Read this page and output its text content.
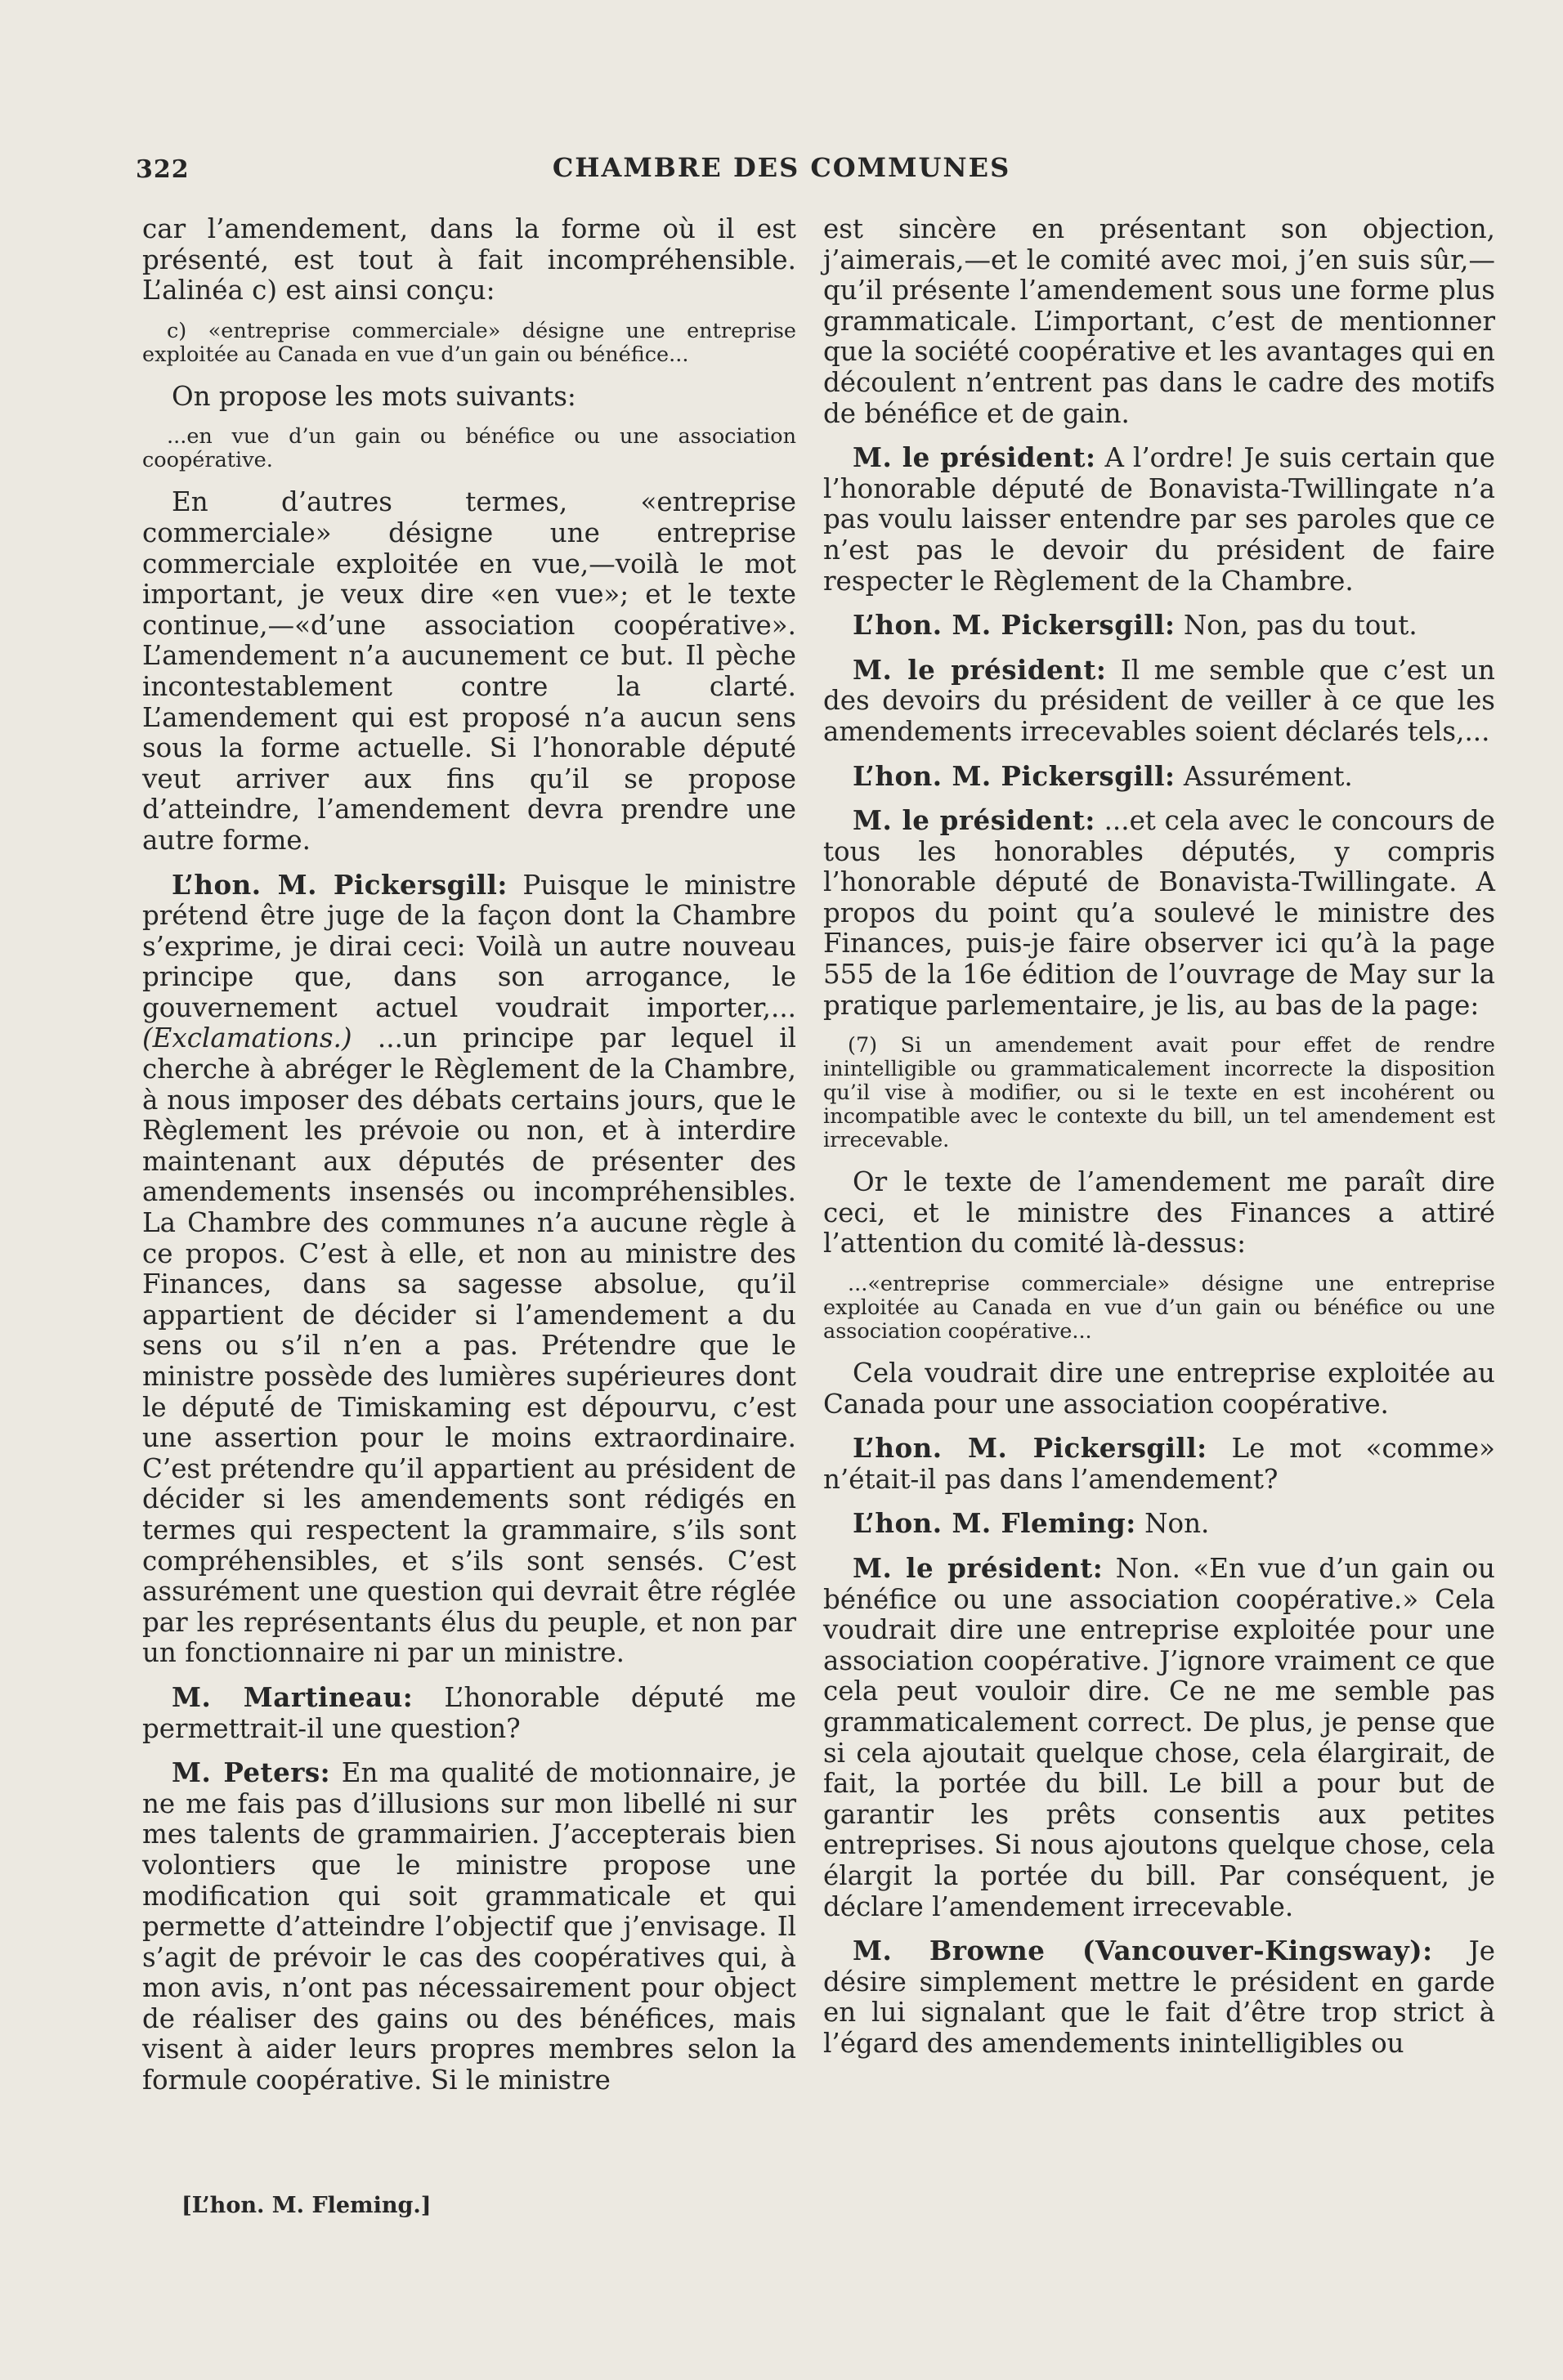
322	CHAMBRE DES COMMUNES

car l’amendement, dans la forme où il est présenté, est tout à fait incompréhensible. L’alinéa c) est ainsi conçu:

c) «entreprise commerciale» désigne une entreprise exploitée au Canada en vue d’un gain ou bénéfice...

On propose les mots suivants:

...en vue d’un gain ou bénéfice ou une association coopérative.

En d’autres termes, «entreprise commerciale» désigne une entreprise commerciale exploitée en vue,—voilà le mot important, je veux dire «en vue»; et le texte continue,—«d’une association coopérative». L’amendement n’a aucunement ce but. Il pèche incontestablement contre la clarté. L’amendement qui est proposé n’a aucun sens sous la forme actuelle. Si l’honorable député veut arriver aux fins qu’il se propose d’atteindre, l’amendement devra prendre une autre forme.

L’hon. M. Pickersgill: Puisque le ministre prétend être juge de la façon dont la Chambre s’exprime, je dirai ceci: Voilà un autre nouveau principe que, dans son arrogance, le gouvernement actuel voudrait importer,... (Exclamations.) ...un principe par lequel il cherche à abréger le Règlement de la Chambre, à nous imposer des débats certains jours, que le Règlement les prévoie ou non, et à interdire maintenant aux députés de présenter des amendements insensés ou incompréhensibles. La Chambre des communes n’a aucune règle à ce propos. C’est à elle, et non au ministre des Finances, dans sa sagesse absolue, qu’il appartient de décider si l’amendement a du sens ou s’il n’en a pas. Prétendre que le ministre possède des lumières supérieures dont le député de Timiskaming est dépourvu, c’est une assertion pour le moins extraordinaire. C’est prétendre qu’il appartient au président de décider si les amendements sont rédigés en termes qui respectent la grammaire, s’ils sont compréhensibles, et s’ils sont sensés. C’est assurément une question qui devrait être réglée par les représentants élus du peuple, et non par un fonctionnaire ni par un ministre.

M. Martineau: L’honorable député me permettrait-il une question?

M. Peters: En ma qualité de motionnaire, je ne me fais pas d’illusions sur mon libellé ni sur mes talents de grammairien. J’accepterais bien volontiers que le ministre propose une modification qui soit grammaticale et qui permette d’atteindre l’objectif que j’envisage. Il s’agit de prévoir le cas des coopératives qui, à mon avis, n’ont pas nécessairement pour object de réaliser des gains ou des bénéfices, mais visent à aider leurs propres membres selon la formule coopérative. Si le ministre

est sincère en présentant son objection, j’aimerais,—et le comité avec moi, j’en suis sûr,—qu’il présente l’amendement sous une forme plus grammaticale. L’important, c’est de mentionner que la société coopérative et les avantages qui en découlent n’entrent pas dans le cadre des motifs de bénéfice et de gain.

M. le président: A l’ordre! Je suis certain que l’honorable député de Bonavista-Twillingate n’a pas voulu laisser entendre par ses paroles que ce n’est pas le devoir du président de faire respecter le Règlement de la Chambre.

L’hon. M. Pickersgill: Non, pas du tout.

M. le président: Il me semble que c’est un des devoirs du président de veiller à ce que les amendements irrecevables soient déclarés tels,...

L’hon. M. Pickersgill: Assurément.

M. le président: ...et cela avec le concours de tous les honorables députés, y compris l’honorable député de Bonavista-Twillingate. A propos du point qu’a soulevé le ministre des Finances, puis-je faire observer ici qu’à la page 555 de la 16e édition de l’ouvrage de May sur la pratique parlementaire, je lis, au bas de la page:

(7) Si un amendement avait pour effet de rendre inintelligible ou grammaticalement incorrecte la disposition qu’il vise à modifier, ou si le texte en est incohérent ou incompatible avec le contexte du bill, un tel amendement est irrecevable.

Or le texte de l’amendement me paraît dire ceci, et le ministre des Finances a attiré l’attention du comité là-dessus:

...«entreprise commerciale» désigne une entreprise exploitée au Canada en vue d’un gain ou bénéfice ou une association coopérative...

Cela voudrait dire une entreprise exploitée au Canada pour une association coopérative.

L’hon. M. Pickersgill: Le mot «comme» n’était-il pas dans l’amendement?

L’hon. M. Fleming: Non.

M. le président: Non. «En vue d’un gain ou bénéfice ou une association coopérative.» Cela voudrait dire une entreprise exploitée pour une association coopérative. J’ignore vraiment ce que cela peut vouloir dire. Ce ne me semble pas grammaticalement correct. De plus, je pense que si cela ajoutait quelque chose, cela élargirait, de fait, la portée du bill. Le bill a pour but de garantir les prêts consentis aux petites entreprises. Si nous ajoutons quelque chose, cela élargit la portée du bill. Par conséquent, je déclare l’amendement irrecevable.

M. Browne (Vancouver-Kingsway): Je désire simplement mettre le président en garde en lui signalant que le fait d’être trop strict à l’égard des amendements inintelligibles ou

[L’hon. M. Fleming.]
